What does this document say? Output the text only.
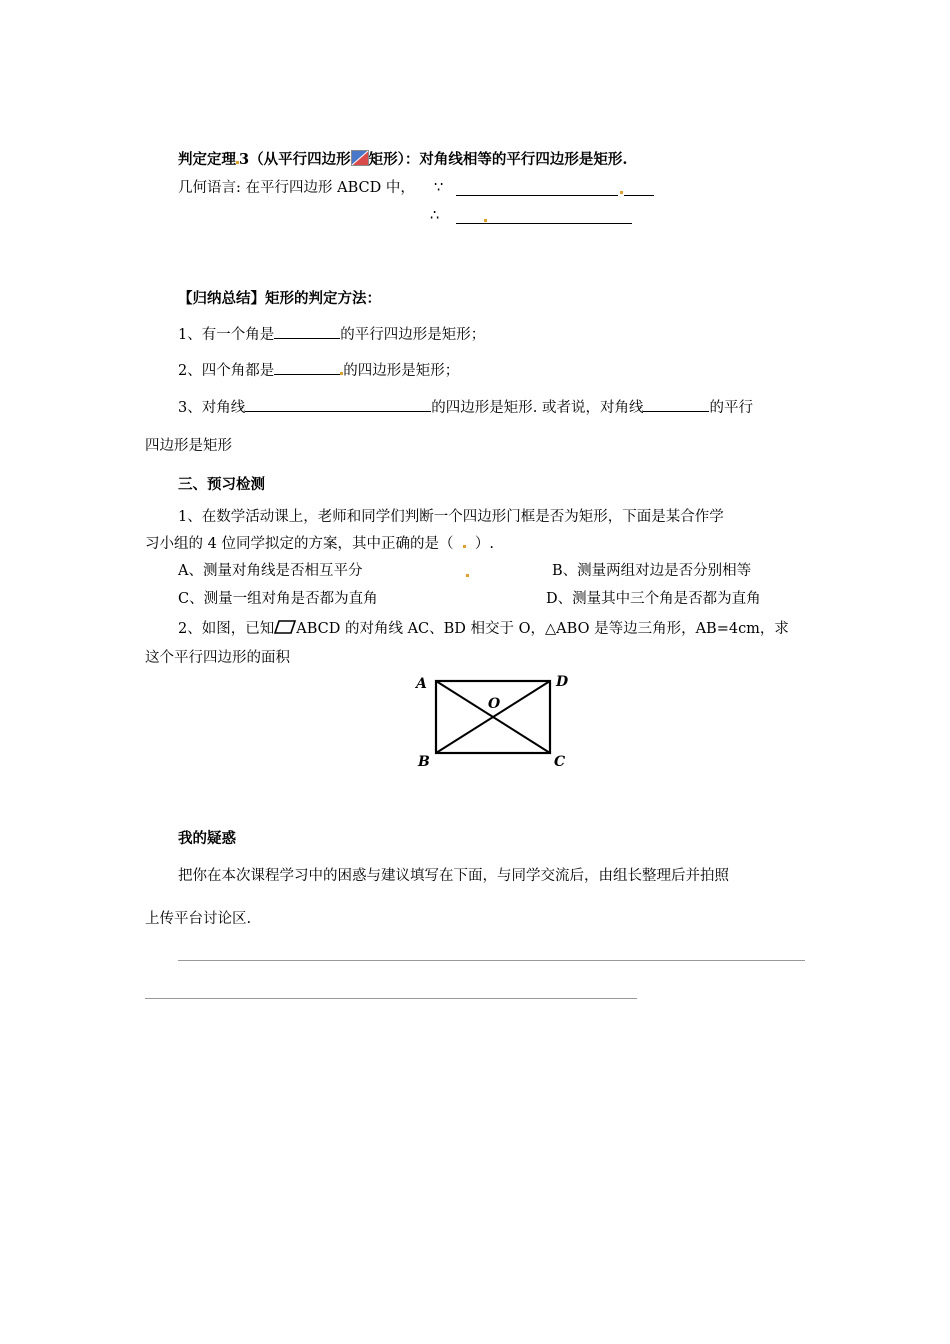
判定定理 3（从平行四边形 矩形）：对角线相等的平行四边形是矩形.
几何语言: 在平行四边形 ABCD 中， ∵
∴
【归纳总结】矩形的判定方法：
1、有一个角是	的平行四边形是矩形；
2、四个角都是	的四边形是矩形；
3、对角线	的四边形是矩形. 或者说，对角线	的平行
四边形是矩形
三、预习检测
1、在数学活动课上，老师和同学们判断一个四边形门框是否为矩形，下面是某合作学
习小组的 4 位同学拟定的方案，其中正确的是（ ）.
A、测量对角线是否相互平分	B、测量两组对边是否分别相等
C、测量一组对角是否都为直角	D、测量其中三个角是否都为直角
2、如图，已知 ABCD 的对角线 AC、BD 相交于 O，△ABO 是等边三角形，AB=4cm，求
这个平行四边形的面积
A
B	C
D
O
我的疑惑
把你在本次课程学习中的困惑与建议填写在下面，与同学交流后，由组长整理后并拍照
上传平台讨论区.
